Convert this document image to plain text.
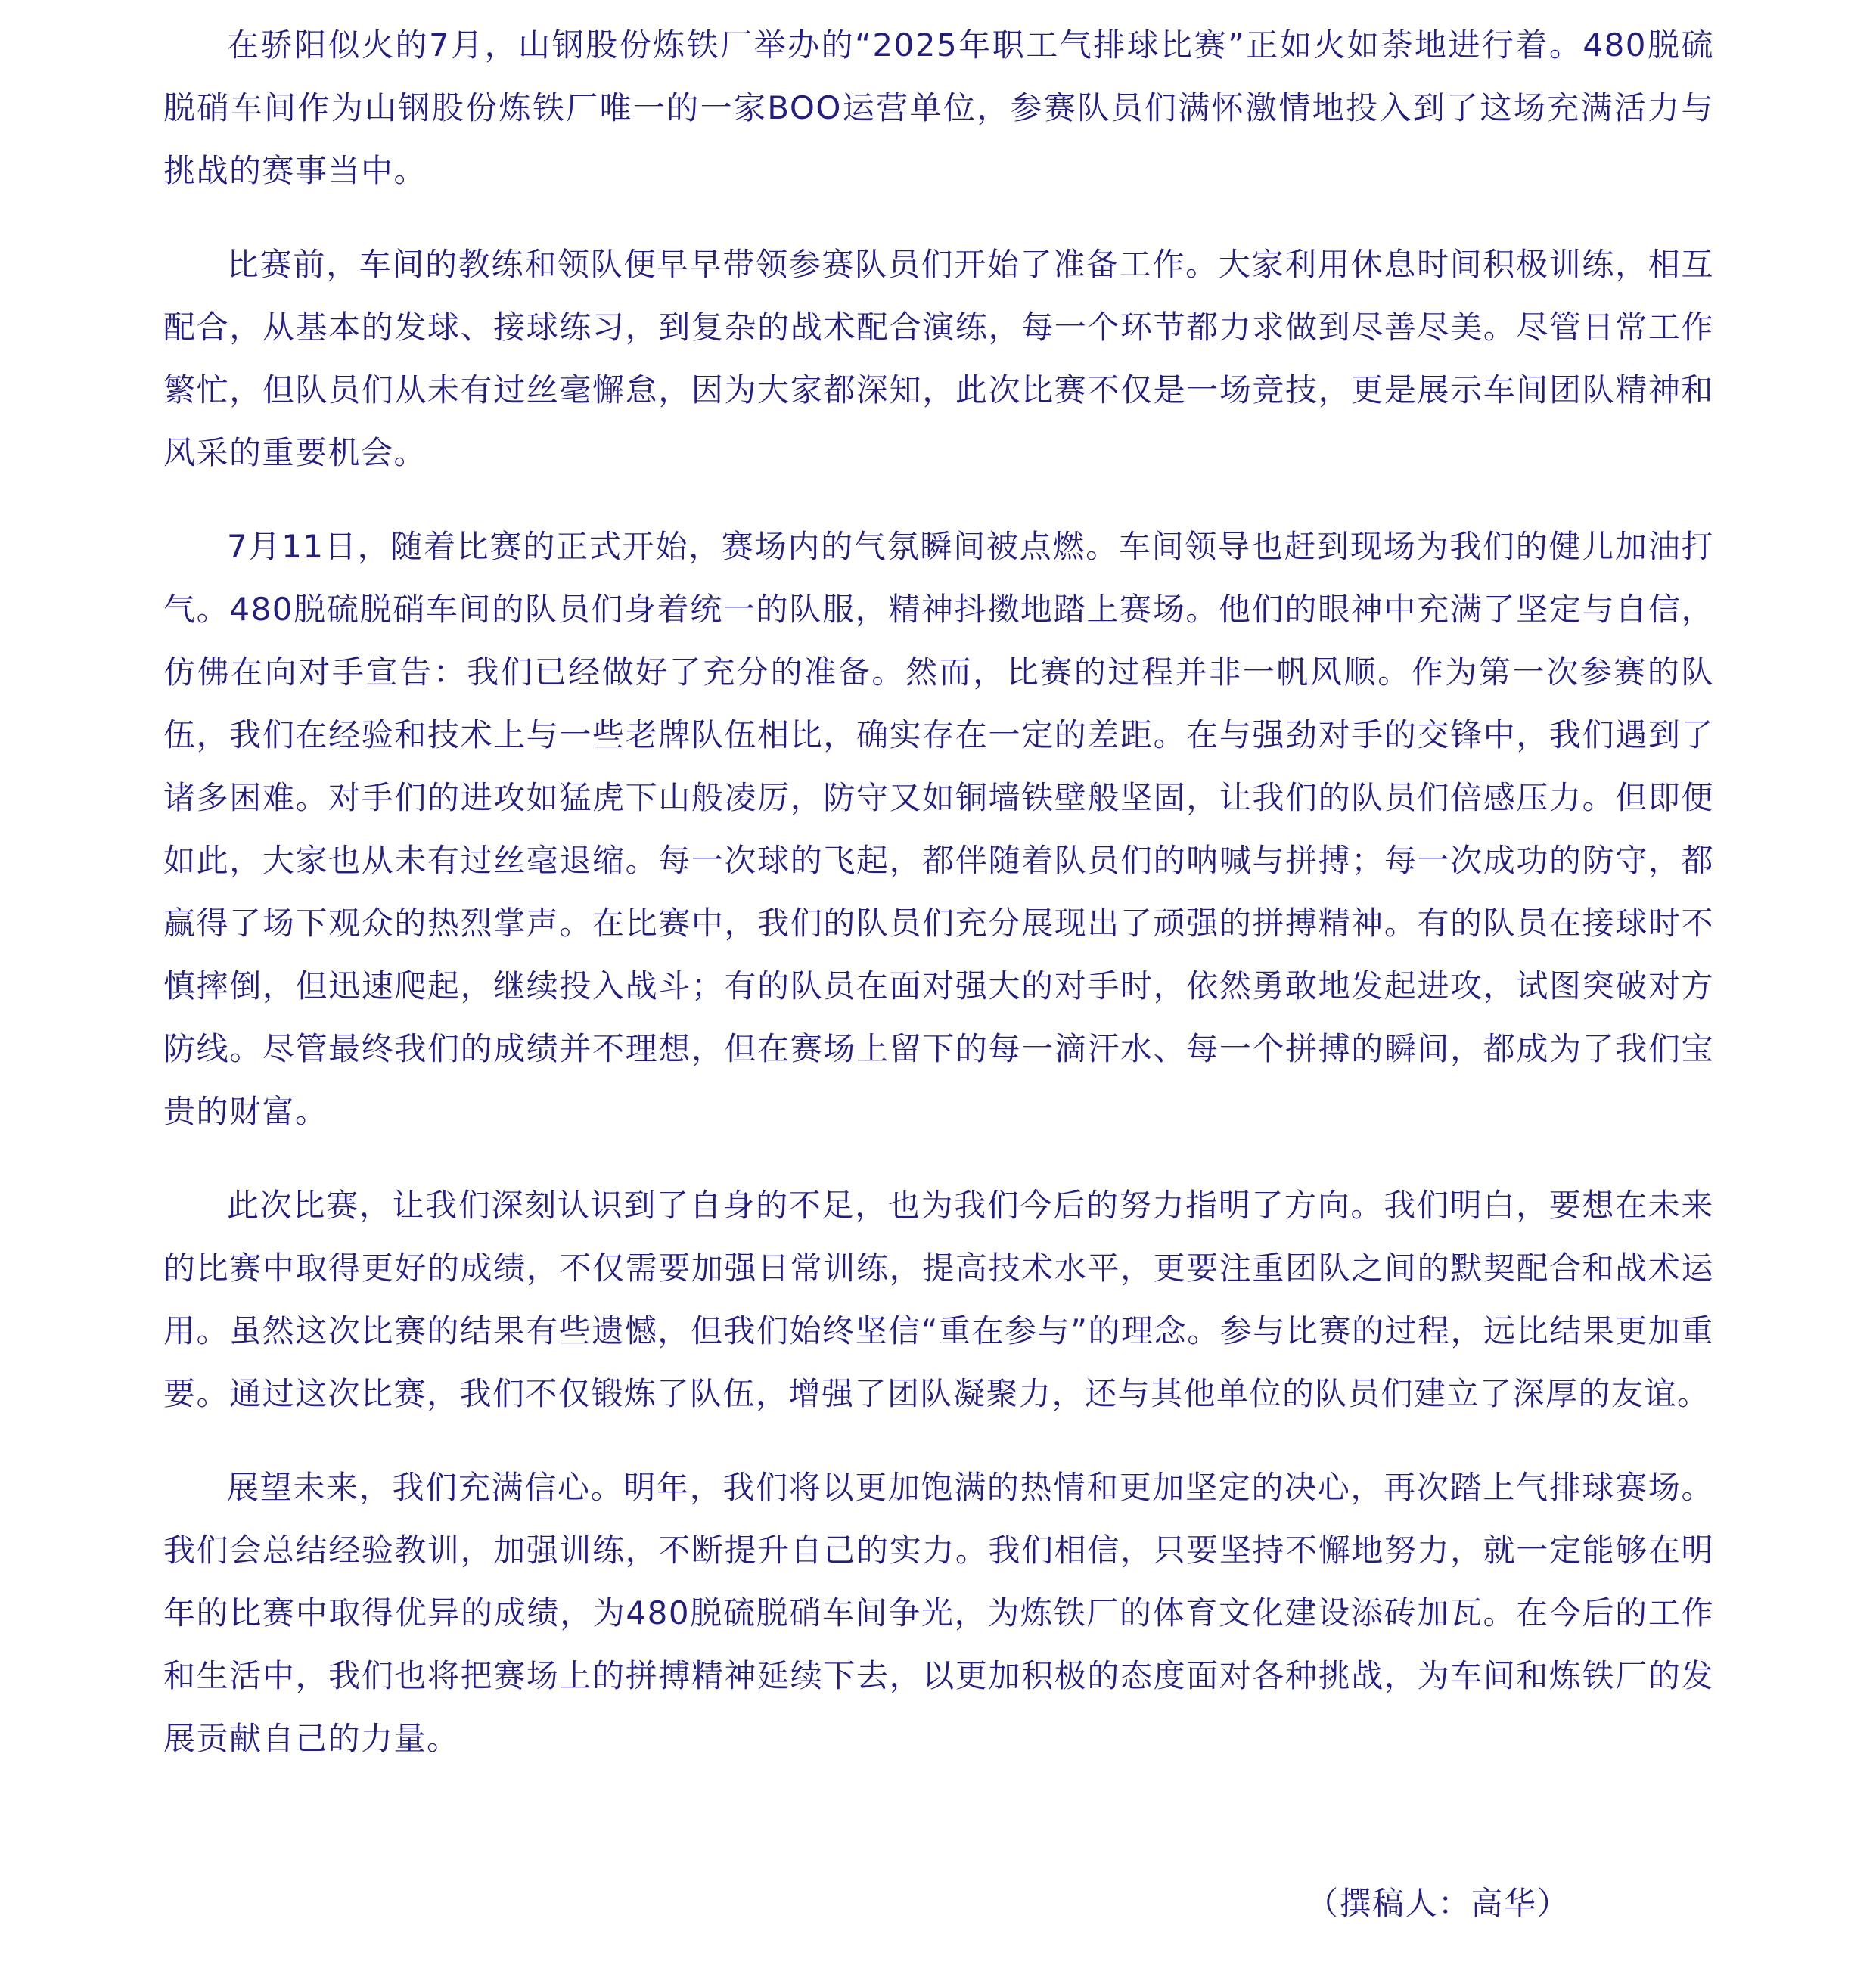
在骄阳似火的7月，山钢股份炼铁厂举办的“2025年职工气排球比赛”正如火如荼地进行着。480脱硫脱硝车间作为山钢股份炼铁厂唯一的一家BOO运营单位，参赛队员们满怀激情地投入到了这场充满活力与挑战的赛事当中。

比赛前，车间的教练和领队便早早带领参赛队员们开始了准备工作。大家利用休息时间积极训练，相互配合，从基本的发球、接球练习，到复杂的战术配合演练，每一个环节都力求做到尽善尽美。尽管日常工作繁忙，但队员们从未有过丝毫懈怠，因为大家都深知，此次比赛不仅是一场竞技，更是展示车间团队精神和风采的重要机会。

7月11日，随着比赛的正式开始，赛场内的气氛瞬间被点燃。车间领导也赶到现场为我们的健儿加油打气。480脱硫脱硝车间的队员们身着统一的队服，精神抖擞地踏上赛场。他们的眼神中充满了坚定与自信，仿佛在向对手宣告：我们已经做好了充分的准备。然而，比赛的过程并非一帆风顺。作为第一次参赛的队伍，我们在经验和技术上与一些老牌队伍相比，确实存在一定的差距。在与强劲对手的交锋中，我们遇到了诸多困难。对手们的进攻如猛虎下山般凌厉，防守又如铜墙铁壁般坚固，让我们的队员们倍感压力。但即便如此，大家也从未有过丝毫退缩。每一次球的飞起，都伴随着队员们的呐喊与拼搏；每一次成功的防守，都赢得了场下观众的热烈掌声。在比赛中，我们的队员们充分展现出了顽强的拼搏精神。有的队员在接球时不慎摔倒，但迅速爬起，继续投入战斗；有的队员在面对强大的对手时，依然勇敢地发起进攻，试图突破对方防线。尽管最终我们的成绩并不理想，但在赛场上留下的每一滴汗水、每一个拼搏的瞬间，都成为了我们宝贵的财富。

此次比赛，让我们深刻认识到了自身的不足，也为我们今后的努力指明了方向。我们明白，要想在未来的比赛中取得更好的成绩，不仅需要加强日常训练，提高技术水平，更要注重团队之间的默契配合和战术运用。虽然这次比赛的结果有些遗憾，但我们始终坚信“重在参与”的理念。参与比赛的过程，远比结果更加重要。通过这次比赛，我们不仅锻炼了队伍，增强了团队凝聚力，还与其他单位的队员们建立了深厚的友谊。

展望未来，我们充满信心。明年，我们将以更加饱满的热情和更加坚定的决心，再次踏上气排球赛场。我们会总结经验教训，加强训练，不断提升自己的实力。我们相信，只要坚持不懈地努力，就一定能够在明年的比赛中取得优异的成绩，为480脱硫脱硝车间争光，为炼铁厂的体育文化建设添砖加瓦。在今后的工作和生活中，我们也将把赛场上的拼搏精神延续下去，以更加积极的态度面对各种挑战，为车间和炼铁厂的发展贡献自己的力量。

（撰稿人：高华）
